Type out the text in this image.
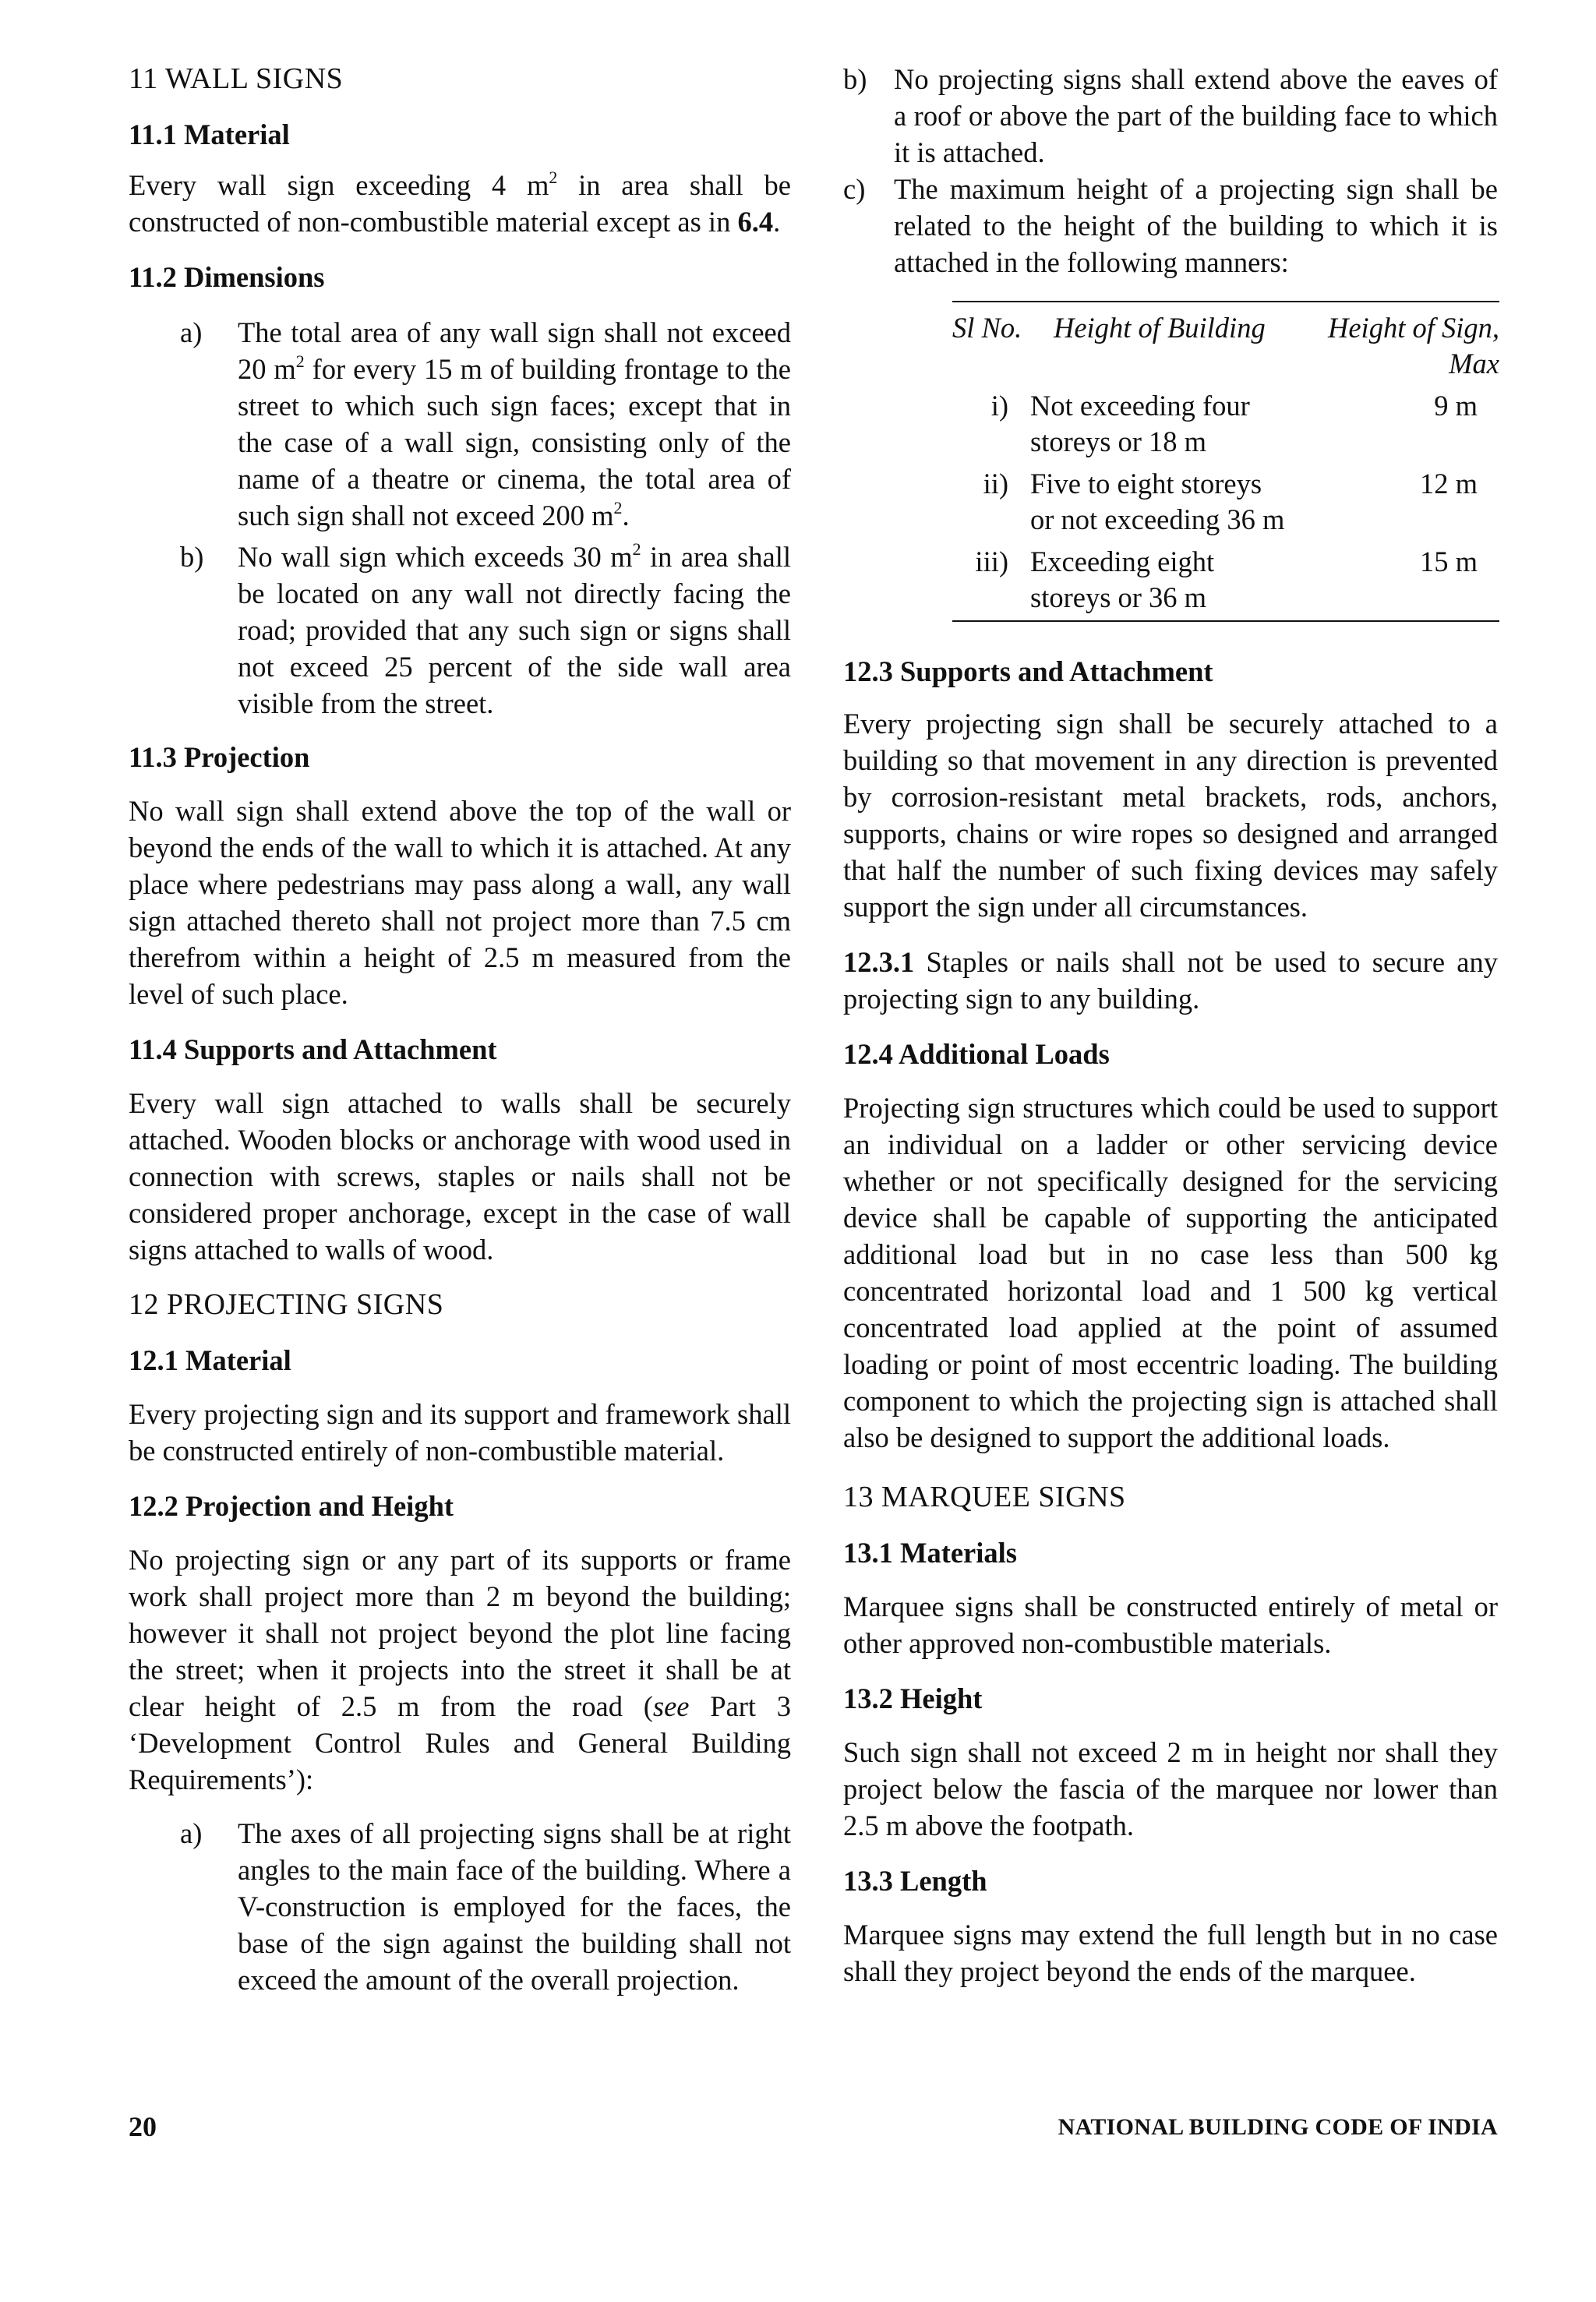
11 WALL SIGNS
11.1 Material

Every wall sign exceeding 4 $m^2$ in area shall be constructed of non-combustible material except as in 6.4.

11.2 Dimensions
a) The total area of any wall sign shall not exceed 20 $m^2$ for every 15 m of building frontage to the street to which such sign faces; except that in the case of a wall sign, consisting only of the name of a theatre or cinema, the total area of such sign shall not exceed 200 $m^2$.

b) No wall sign which exceeds 30 $m^2$ in area shall be located on any wall not directly facing the road; provided that any such sign or signs shall not exceed 25 percent of the side wall area visible from the street.

11.3 Projection

No wall sign shall extend above the top of the wall or beyond the ends of the wall to which it is attached. At any place where pedestrians may pass along a wall, any wall sign attached thereto shall not project more than 7.5 cm therefrom within a height of 2.5 m measured from the level of such place.

11.4 Supports and Attachment

Every wall sign attached to walls shall be securely attached. Wooden blocks or anchorage with wood used in connection with screws, staples or nails shall not be considered proper anchorage, except in the case of wall signs attached to walls of wood.

12 PROJECTING SIGNS
12.1 Material

Every projecting sign and its support and framework shall be constructed entirely of non-combustible material.

12.2 Projection and Height

No projecting sign or any part of its supports or frame work shall project more than 2 m beyond the building; however it shall not project beyond the plot line facing the street; when it projects into the street it shall be at clear height of 2.5 m from the road (see Part 3 ‘Development Control Rules and General Building Requirements’):

a) The axes of all projecting signs shall be at right angles to the main face of the building. Where a V-construction is employed for the faces, the base of the sign against the building shall not exceed the amount of the overall projection.

b) No projecting signs shall extend above the eaves of a roof or above the part of the building face to which it is attached.

c) The maximum height of a projecting sign shall be related to the height of the building to which it is attached in the following manners:

Sl No.	Height of Building	Height of Sign, Max
i)	Not exceeding four storeys or 18 m	9 m

ii)	Five to eight storeys or not exceeding 36 m	12 m

iii)	Exceeding eight storeys or 36 m	15 m
12.3 Supports and Attachment

Every projecting sign shall be securely attached to a building so that movement in any direction is prevented by corrosion-resistant metal brackets, rods, anchors, supports, chains or wire ropes so designed and arranged that half the number of such fixing devices may safely support the sign under all circumstances.

12.3.1 Staples or nails shall not be used to secure any projecting sign to any building.

12.4 Additional Loads

Projecting sign structures which could be used to support an individual on a ladder or other servicing device whether or not specifically designed for the servicing device shall be capable of supporting the anticipated additional load but in no case less than 500 kg concentrated horizontal load and 1 500 kg vertical concentrated load applied at the point of assumed loading or point of most eccentric loading. The building component to which the projecting sign is attached shall also be designed to support the additional loads.

13 MARQUEE SIGNS
13.1 Materials

Marquee signs shall be constructed entirely of metal or other approved non-combustible materials.

13.2 Height

Such sign shall not exceed 2 m in height nor shall they project below the fascia of the marquee nor lower than 2.5 m above the footpath.

13.3 Length

Marquee signs may extend the full length but in no case shall they project beyond the ends of the marquee.

20	NATIONAL BUILDING CODE OF INDIA
